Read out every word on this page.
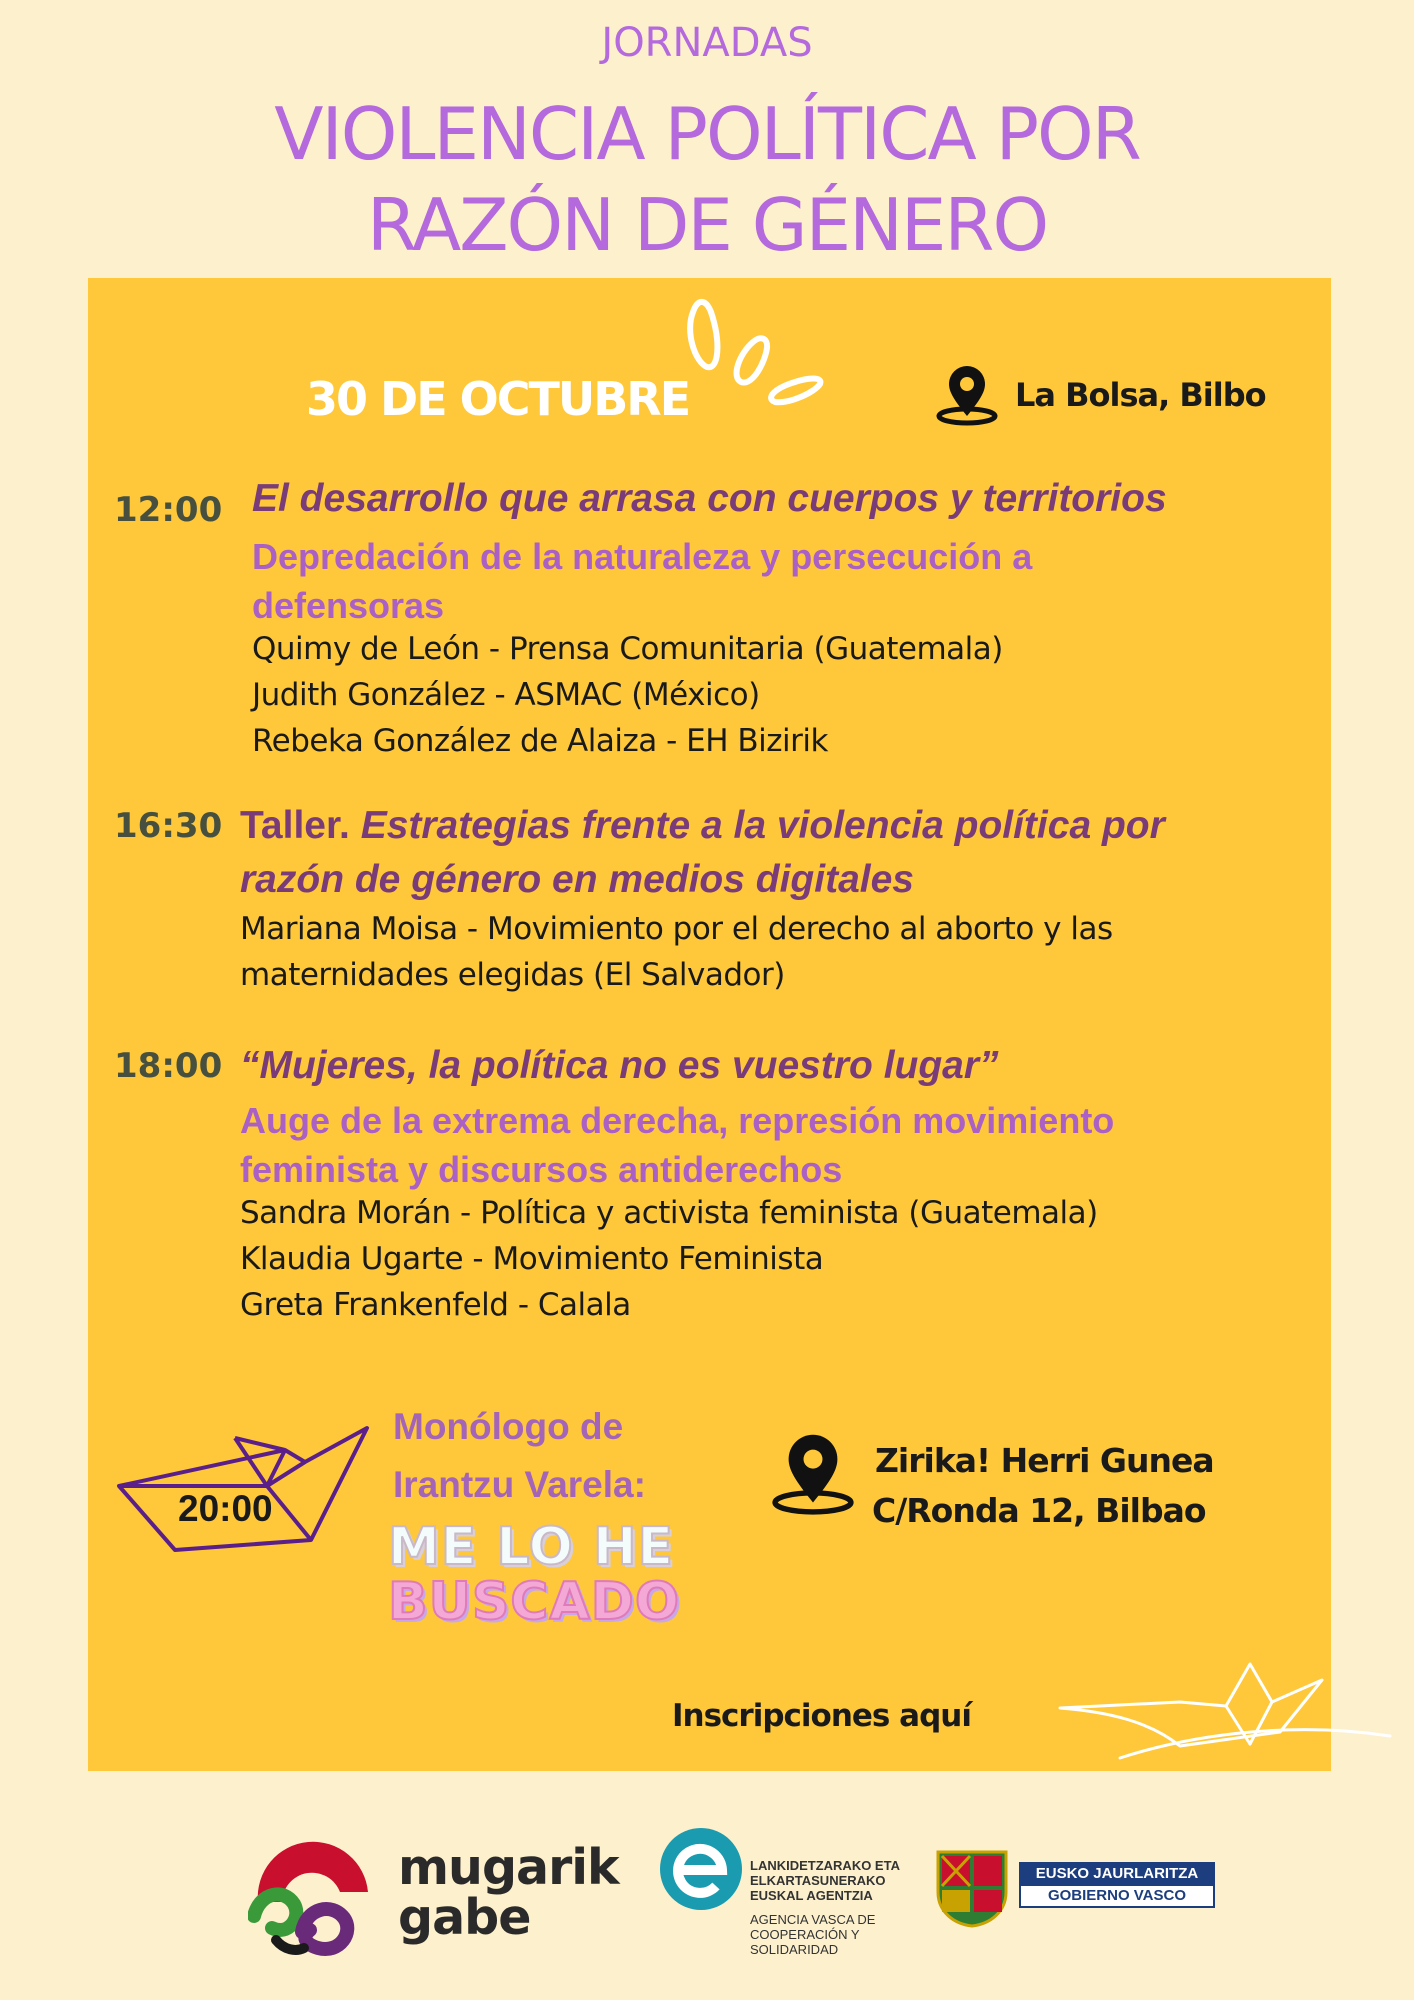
JORNADAS
VIOLENCIA POLÍTICA POR
RAZÓN DE GÉNERO
30 DE OCTUBRE	La Bolsa, Bilbo
12:00 El desarrollo que arrasa con cuerpos y territorios
Depredación de la naturaleza y persecución a
defensoras
Quimy de León - Prensa Comunitaria (Guatemala)
Judith González - ASMAC (México)
Rebeka González de Alaiza - EH Bizirik
16:30 Taller. Estrategias frente a la violencia política por
razón de género en medios digitales
Mariana Moisa - Movimiento por el derecho al aborto y las
maternidades elegidas (El Salvador)
18:00 “Mujeres, la política no es vuestro lugar”
Auge de la extrema derecha, represión movimiento
feminista y discursos antiderechos
Sandra Morán - Política y activista feminista (Guatemala)
Klaudia Ugarte - Movimiento Feminista
Greta Frankenfeld - Calala
20:00
Monólogo de
Irantzu Varela:
ME LO HE
BUSCADO
Zirika! Herri Gunea
C/Ronda 12, Bilbao
Inscripciones aquí
mugarik
gabe
LANKIDETZARAKO ETA
ELKARTASUNERAKO
EUSKAL AGENTZIA
AGENCIA VASCA DE
COOPERACIÓN Y
SOLIDARIDAD
EUSKO JAURLARITZA
GOBIERNO VASCO
